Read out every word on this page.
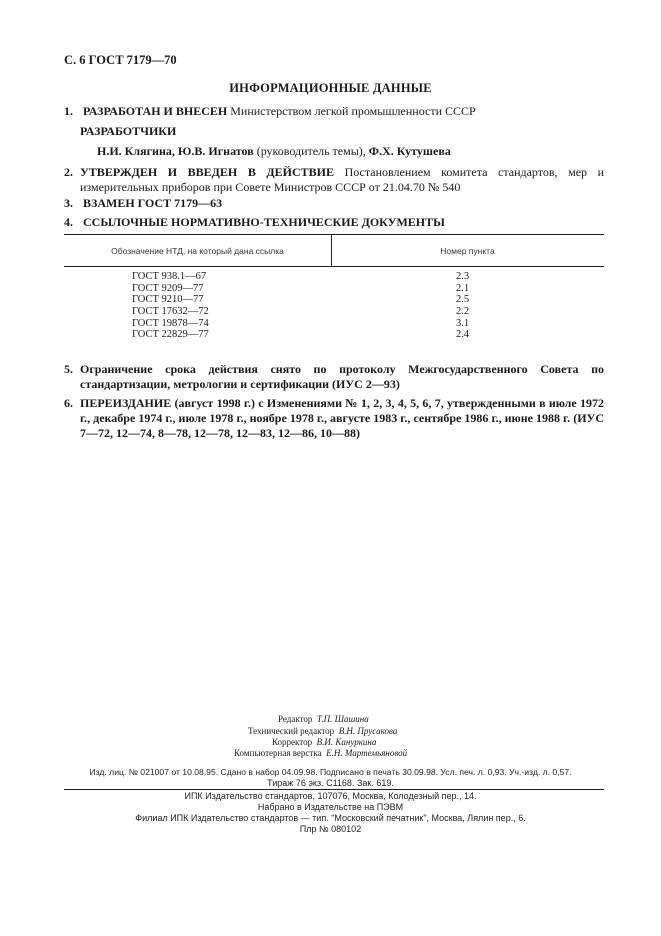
С. 6 ГОСТ 7179—70
ИНФОРМАЦИОННЫЕ ДАННЫЕ
1. РАЗРАБОТАН И ВНЕСЕН Министерством легкой промышленности СССР
РАЗРАБОТЧИКИ
Н.И. Клягина, Ю.В. Игнатов (руководитель темы), Ф.Х. Кутушева
2. УТВЕРЖДЕН И ВВЕДЕН В ДЕЙСТВИЕ Постановлением комитета стандартов, мер и измерительных приборов при Совете Министров СССР от 21.04.70 № 540
3. ВЗАМЕН ГОСТ 7179—63
4. ССЫЛОЧНЫЕ НОРМАТИВНО-ТЕХНИЧЕСКИЕ ДОКУМЕНТЫ
Обозначение НТД, на который дана ссылка	Номер пункта
ГОСТ 938.1—67	2.3
ГОСТ 9209—77	2.1
ГОСТ 9210—77	2.5
ГОСТ 17632—72	2.2
ГОСТ 19878—74	3.1
ГОСТ 22829—77	2.4
5. Ограничение срока действия снято по протоколу Межгосударственного Совета по стандартизации, метрологии и сертификации (ИУС 2—93)
6. ПЕРЕИЗДАНИЕ (август 1998 г.) с Изменениями № 1, 2, 3, 4, 5, 6, 7, утвержденными в июле 1972 г., декабре 1974 г., июле 1978 г., ноябре 1978 г., августе 1983 г., сентябре 1986 г., июне 1988 г. (ИУС 7—72, 12—74, 8—78, 12—78, 12—83, 12—86, 10—88)
Редактор Т.П. Шашина
Технический редактор В.Н. Прусакова
Корректор В.И. Кануркина
Компьютерная верстка Е.Н. Мартемьяновой
Изд. лиц. № 021007 от 10.08.95. Сдано в набор 04.09.98. Подписано в печать 30.09.98. Усл. печ. л. 0,93. Уч.-изд. л. 0,57.
Тираж 76 экз. С1168. Зак. 619.
ИПК Издательство стандартов, 107076, Москва, Колодезный пер., 14.
Набрано в Издательстве на ПЭВМ
Филиал ИПК Издательство стандартов — тип. "Московский печатник", Москва, Лялин пер., 6.
Плр № 080102
